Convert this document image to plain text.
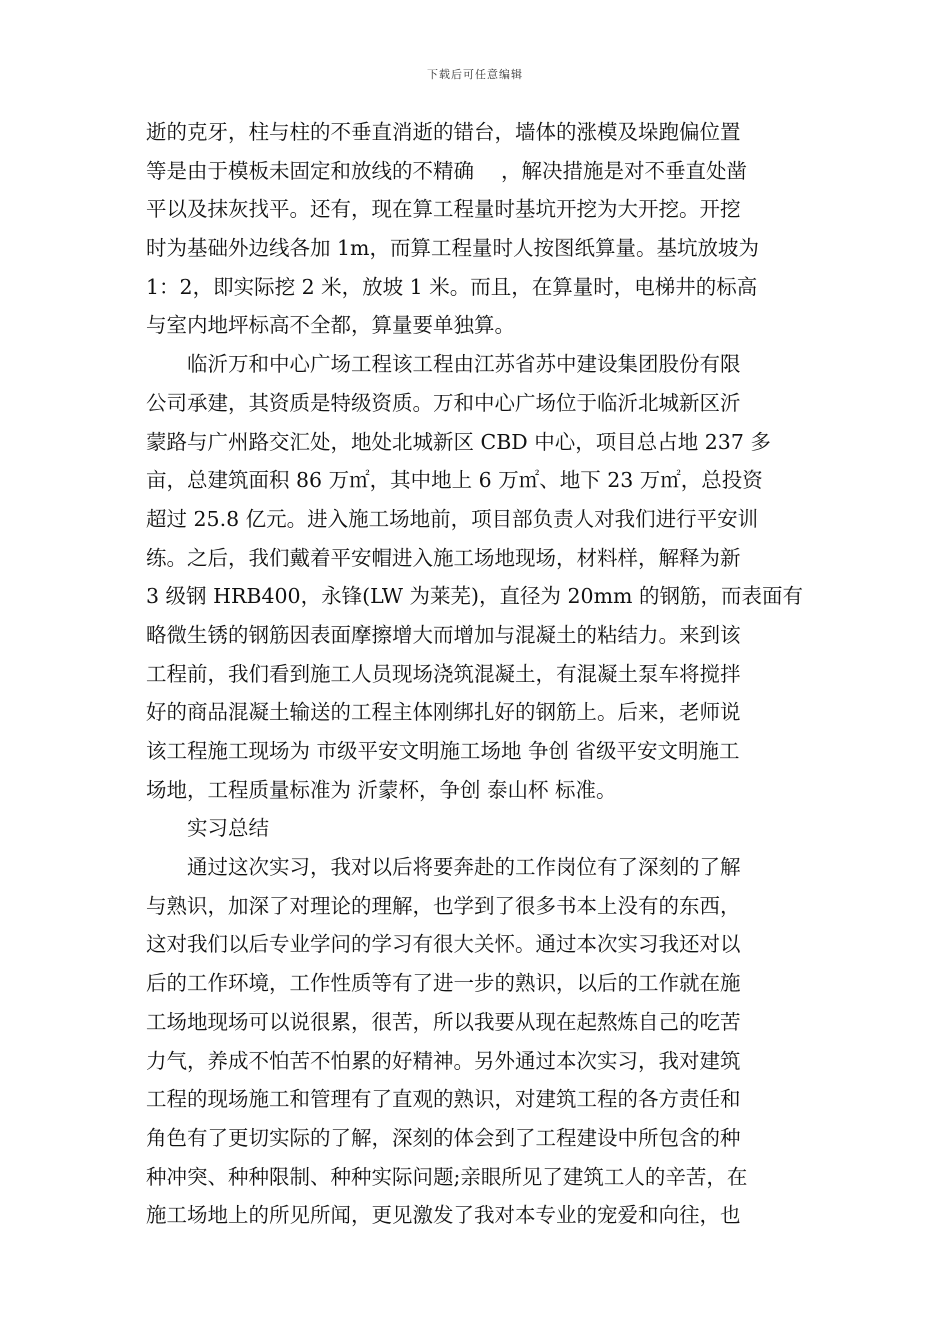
下载后可任意编辑
逝的克牙，柱与柱的不垂直消逝的错台，墙体的涨模及垛跑偏位置
等是由于模板未固定和放线的不精确 　，解决措施是对不垂直处凿
平以及抹灰找平。还有，现在算工程量时基坑开挖为大开挖。开挖
时为基础外边线各加 1m，而算工程量时人按图纸算量。基坑放坡为
1：2，即实际挖 2 米，放坡 1 米。而且，在算量时，电梯井的标高
与室内地坪标高不全都，算量要单独算。
临沂万和中心广场工程该工程由江苏省苏中建设集团股份有限
公司承建，其资质是特级资质。万和中心广场位于临沂北城新区沂
蒙路与广州路交汇处，地处北城新区 CBD 中心，项目总占地 237 多
亩，总建筑面积 86 万㎡，其中地上 6 万㎡、地下 23 万㎡，总投资
超过 25.8 亿元。进入施工场地前，项目部负责人对我们进行平安训
练。之后，我们戴着平安帽进入施工场地现场，材料样，解释为新
3 级钢 HRB400，永锋(LW 为莱芜)，直径为 20mm 的钢筋，而表面有
略微生锈的钢筋因表面摩擦增大而增加与混凝土的粘结力。来到该
工程前，我们看到施工人员现场浇筑混凝土，有混凝土泵车将搅拌
好的商品混凝土输送的工程主体刚绑扎好的钢筋上。后来，老师说
该工程施工现场为 市级平安文明施工场地 争创 省级平安文明施工
场地，工程质量标准为 沂蒙杯，争创 泰山杯 标准。
实习总结
通过这次实习，我对以后将要奔赴的工作岗位有了深刻的了解
与熟识，加深了对理论的理解，也学到了很多书本上没有的东西，
这对我们以后专业学问的学习有很大关怀。通过本次实习我还对以
后的工作环境，工作性质等有了进一步的熟识，以后的工作就在施
工场地现场可以说很累，很苦，所以我要从现在起熬炼自己的吃苦
力气，养成不怕苦不怕累的好精神。另外通过本次实习，我对建筑
工程的现场施工和管理有了直观的熟识，对建筑工程的各方责任和
角色有了更切实际的了解，深刻的体会到了工程建设中所包含的种
种冲突、种种限制、种种实际问题;亲眼所见了建筑工人的辛苦，在
施工场地上的所见所闻，更见激发了我对本专业的宠爱和向往，也
